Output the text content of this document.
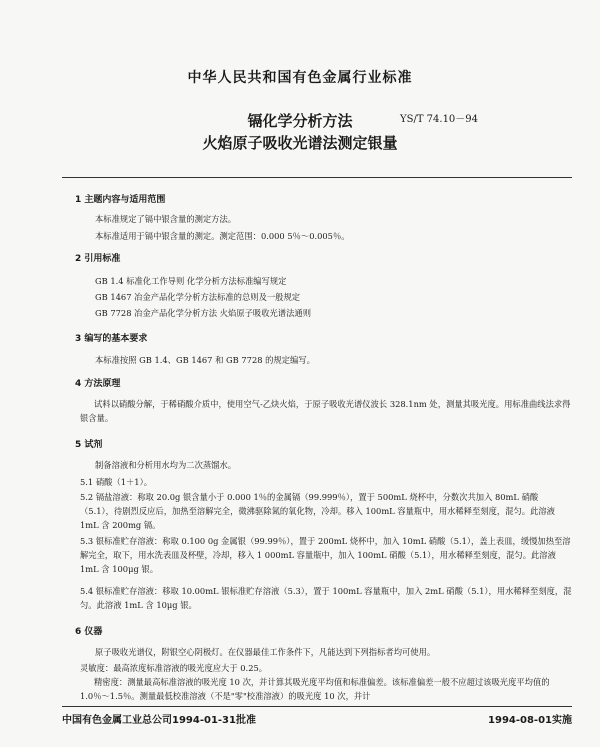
中华人民共和国有色金属行业标准
镉化学分析方法
火焰原子吸收光谱法测定银量
YS/T 74.10－94
1 主题内容与适用范围
本标准规定了镉中银含量的测定方法。
本标准适用于镉中银含量的测定。测定范围：0.000 5％～0.005％。
2 引用标准
GB 1.4 标准化工作导则 化学分析方法标准编写规定
GB 1467 冶金产品化学分析方法标准的总则及一般规定
GB 7728 冶金产品化学分析方法 火焰原子吸收光谱法通则
3 编写的基本要求
本标准按照 GB 1.4、GB 1467 和 GB 7728 的规定编写。
4 方法原理
试料以硝酸分解，于稀硝酸介质中，使用空气-乙炔火焰，于原子吸收光谱仪波长 328.1nm 处，测量其吸光度。用标准曲线法求得银含量。
5 试剂
制备溶液和分析用水均为二次蒸馏水。
5.1 硝酸（1＋1）。
5.2 镉盐溶液：称取 20.0g 银含量小于 0.000 1％的金属镉（99.999％），置于 500mL 烧杯中，分数次共加入 80mL 硝酸（5.1），待剧烈反应后，加热至溶解完全，微沸驱除氮的氧化物，冷却。移入 100mL 容量瓶中，用水稀释至刻度，混匀。此溶液 1mL 含 200mg 镉。
5.3 银标准贮存溶液：称取 0.100 0g 金属银（99.99％），置于 200mL 烧杯中，加入 10mL 硝酸（5.1），盖上表皿，缓慢加热至溶解完全，取下，用水洗表皿及杯壁，冷却，移入 1 000mL 容量瓶中，加入 100mL 硝酸（5.1），用水稀释至刻度，混匀。此溶液 1mL 含 100μg 银。
5.4 银标准贮存溶液：移取 10.00mL 银标准贮存溶液（5.3），置于 100mL 容量瓶中，加入 2mL 硝酸（5.1），用水稀释至刻度，混匀。此溶液 1mL 含 10μg 银。
6 仪器
原子吸收光谱仪，附银空心阴极灯。在仪器最佳工作条件下，凡能达到下列指标者均可使用。
灵敏度：最高浓度标准溶液的吸光度应大于 0.25。
精密度：测量最高标准溶液的吸光度 10 次，并计算其吸光度平均值和标准偏差。该标准偏差一般不应超过该吸光度平均值的 1.0％～1.5％。测量最低校准溶液（不是"零"校准溶液）的吸光度 10 次，并计
中国有色金属工业总公司1994-01-31批准	1994-08-01实施
